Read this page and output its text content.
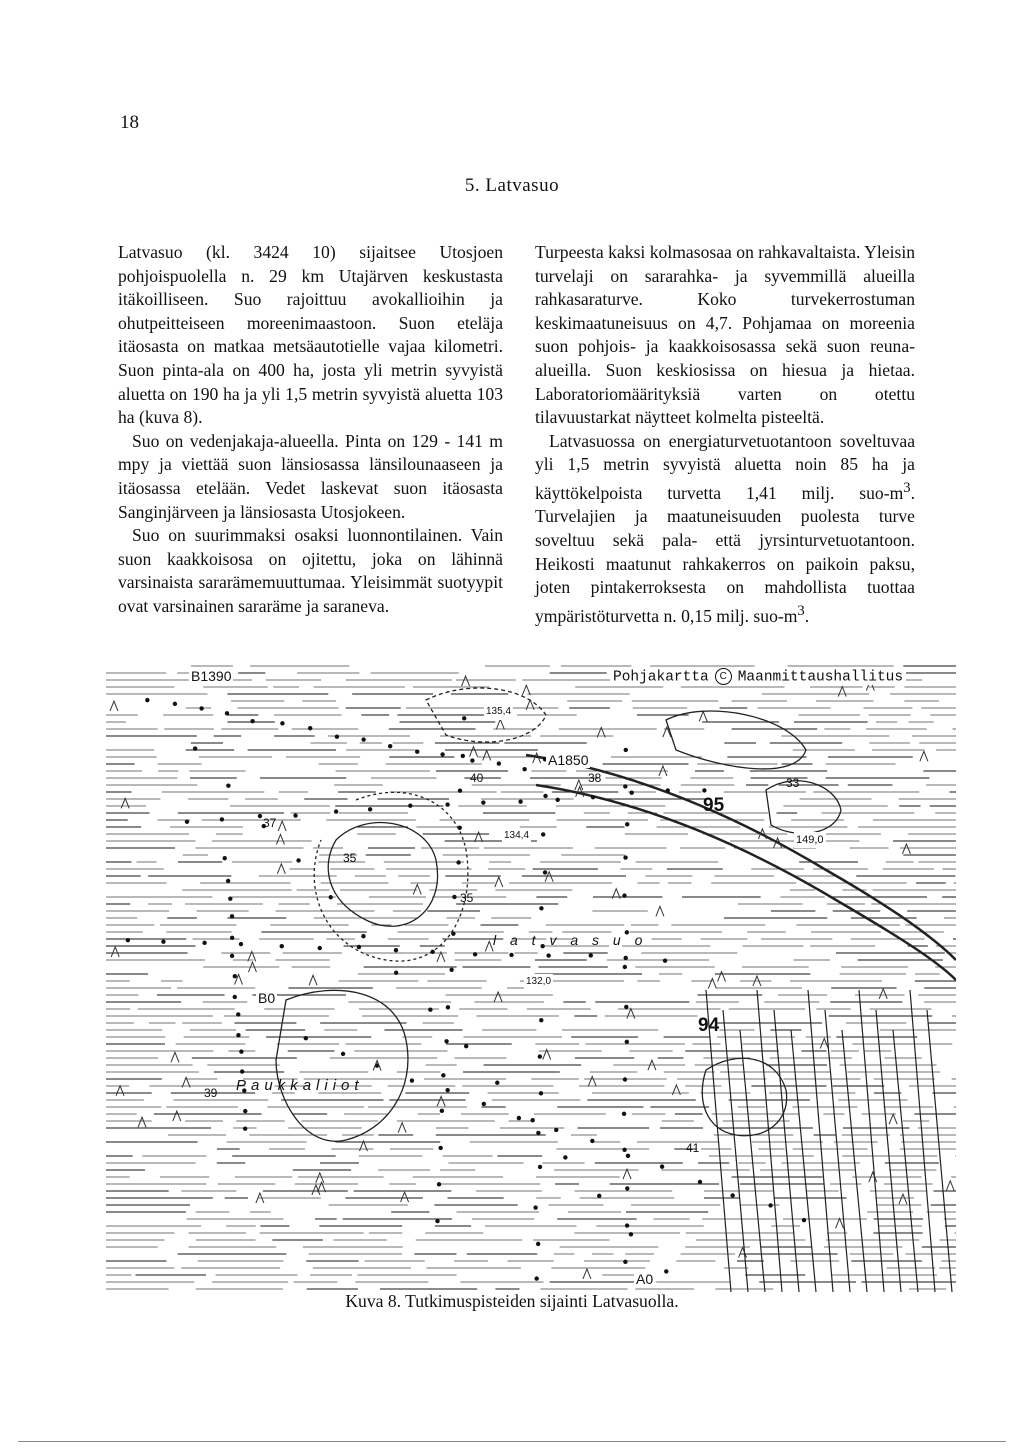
18
5. Latvasuo

Latvasuo (kl. 3424 10) sijaitsee Utosjoen pohjoispuolella n. 29 km Utajärven keskustasta itäkoilliseen. Suo rajoittuu avokallioihin ja ohutpeitteiseen moreenimaastoon. Suon eteläja itäosasta on matkaa metsäautotielle vajaa kilometri. Suon pinta-ala on 400 ha, josta yli metrin syvyistä aluetta on 190 ha ja yli 1,5 metrin syvyistä aluetta 103 ha (kuva 8).

Suo on vedenjakaja-alueella. Pinta on 129 - 141 m mpy ja viettää suon länsiosassa länsilounaaseen ja itäosassa etelään. Vedet laskevat suon itäosasta Sanginjärveen ja länsiosasta Utosjokeen.

Suo on suurimmaksi osaksi luonnontilainen. Vain suon kaakkoisosa on ojitettu, joka on lähinnä varsinaista sararämemuuttumaa. Yleisimmät suotyypit ovat varsinainen sararäme ja saraneva.

Turpeesta kaksi kolmasosaa on rahkavaltaista. Yleisin turvelaji on sararahka- ja syvemmillä alueilla rahkasaraturve. Koko turvekerrostuman keskimaatuneisuus on 4,7. Pohjamaa on moreenia suon pohjois- ja kaakkoisosassa sekä suon reuna-alueilla. Suon keskiosissa on hiesua ja hietaa. Laboratoriomäärityksiä varten on otettu tilavuustarkat näytteet kolmelta pisteeltä.

Latvasuossa on energiaturvetuotantoon soveltuvaa yli 1,5 metrin syvyistä aluetta noin 85 ha ja käyttökelpoista turvetta 1,41 milj. suo-$m^3$. Turvelajien ja maatuneisuuden puolesta turve soveltuu sekä pala- että jyrsinturvetuotantoon. Heikosti maatunut rahkakerros on paikoin paksu, joten pintakerroksesta on mahdollista tuottaa ympäristöturvetta n. 0,15 milj. suo-$m^3$.

B1390
A1850
B0
A0
95
94
Paukkaliiot
l a t v a s u o
135,4
134,4
132,0
149,0
35
35
39
40
37
33
38
41
Pohjakartta C Maanmittaushallitus
Kuva 8. Tutkimuspisteiden sijainti Latvasuolla.
